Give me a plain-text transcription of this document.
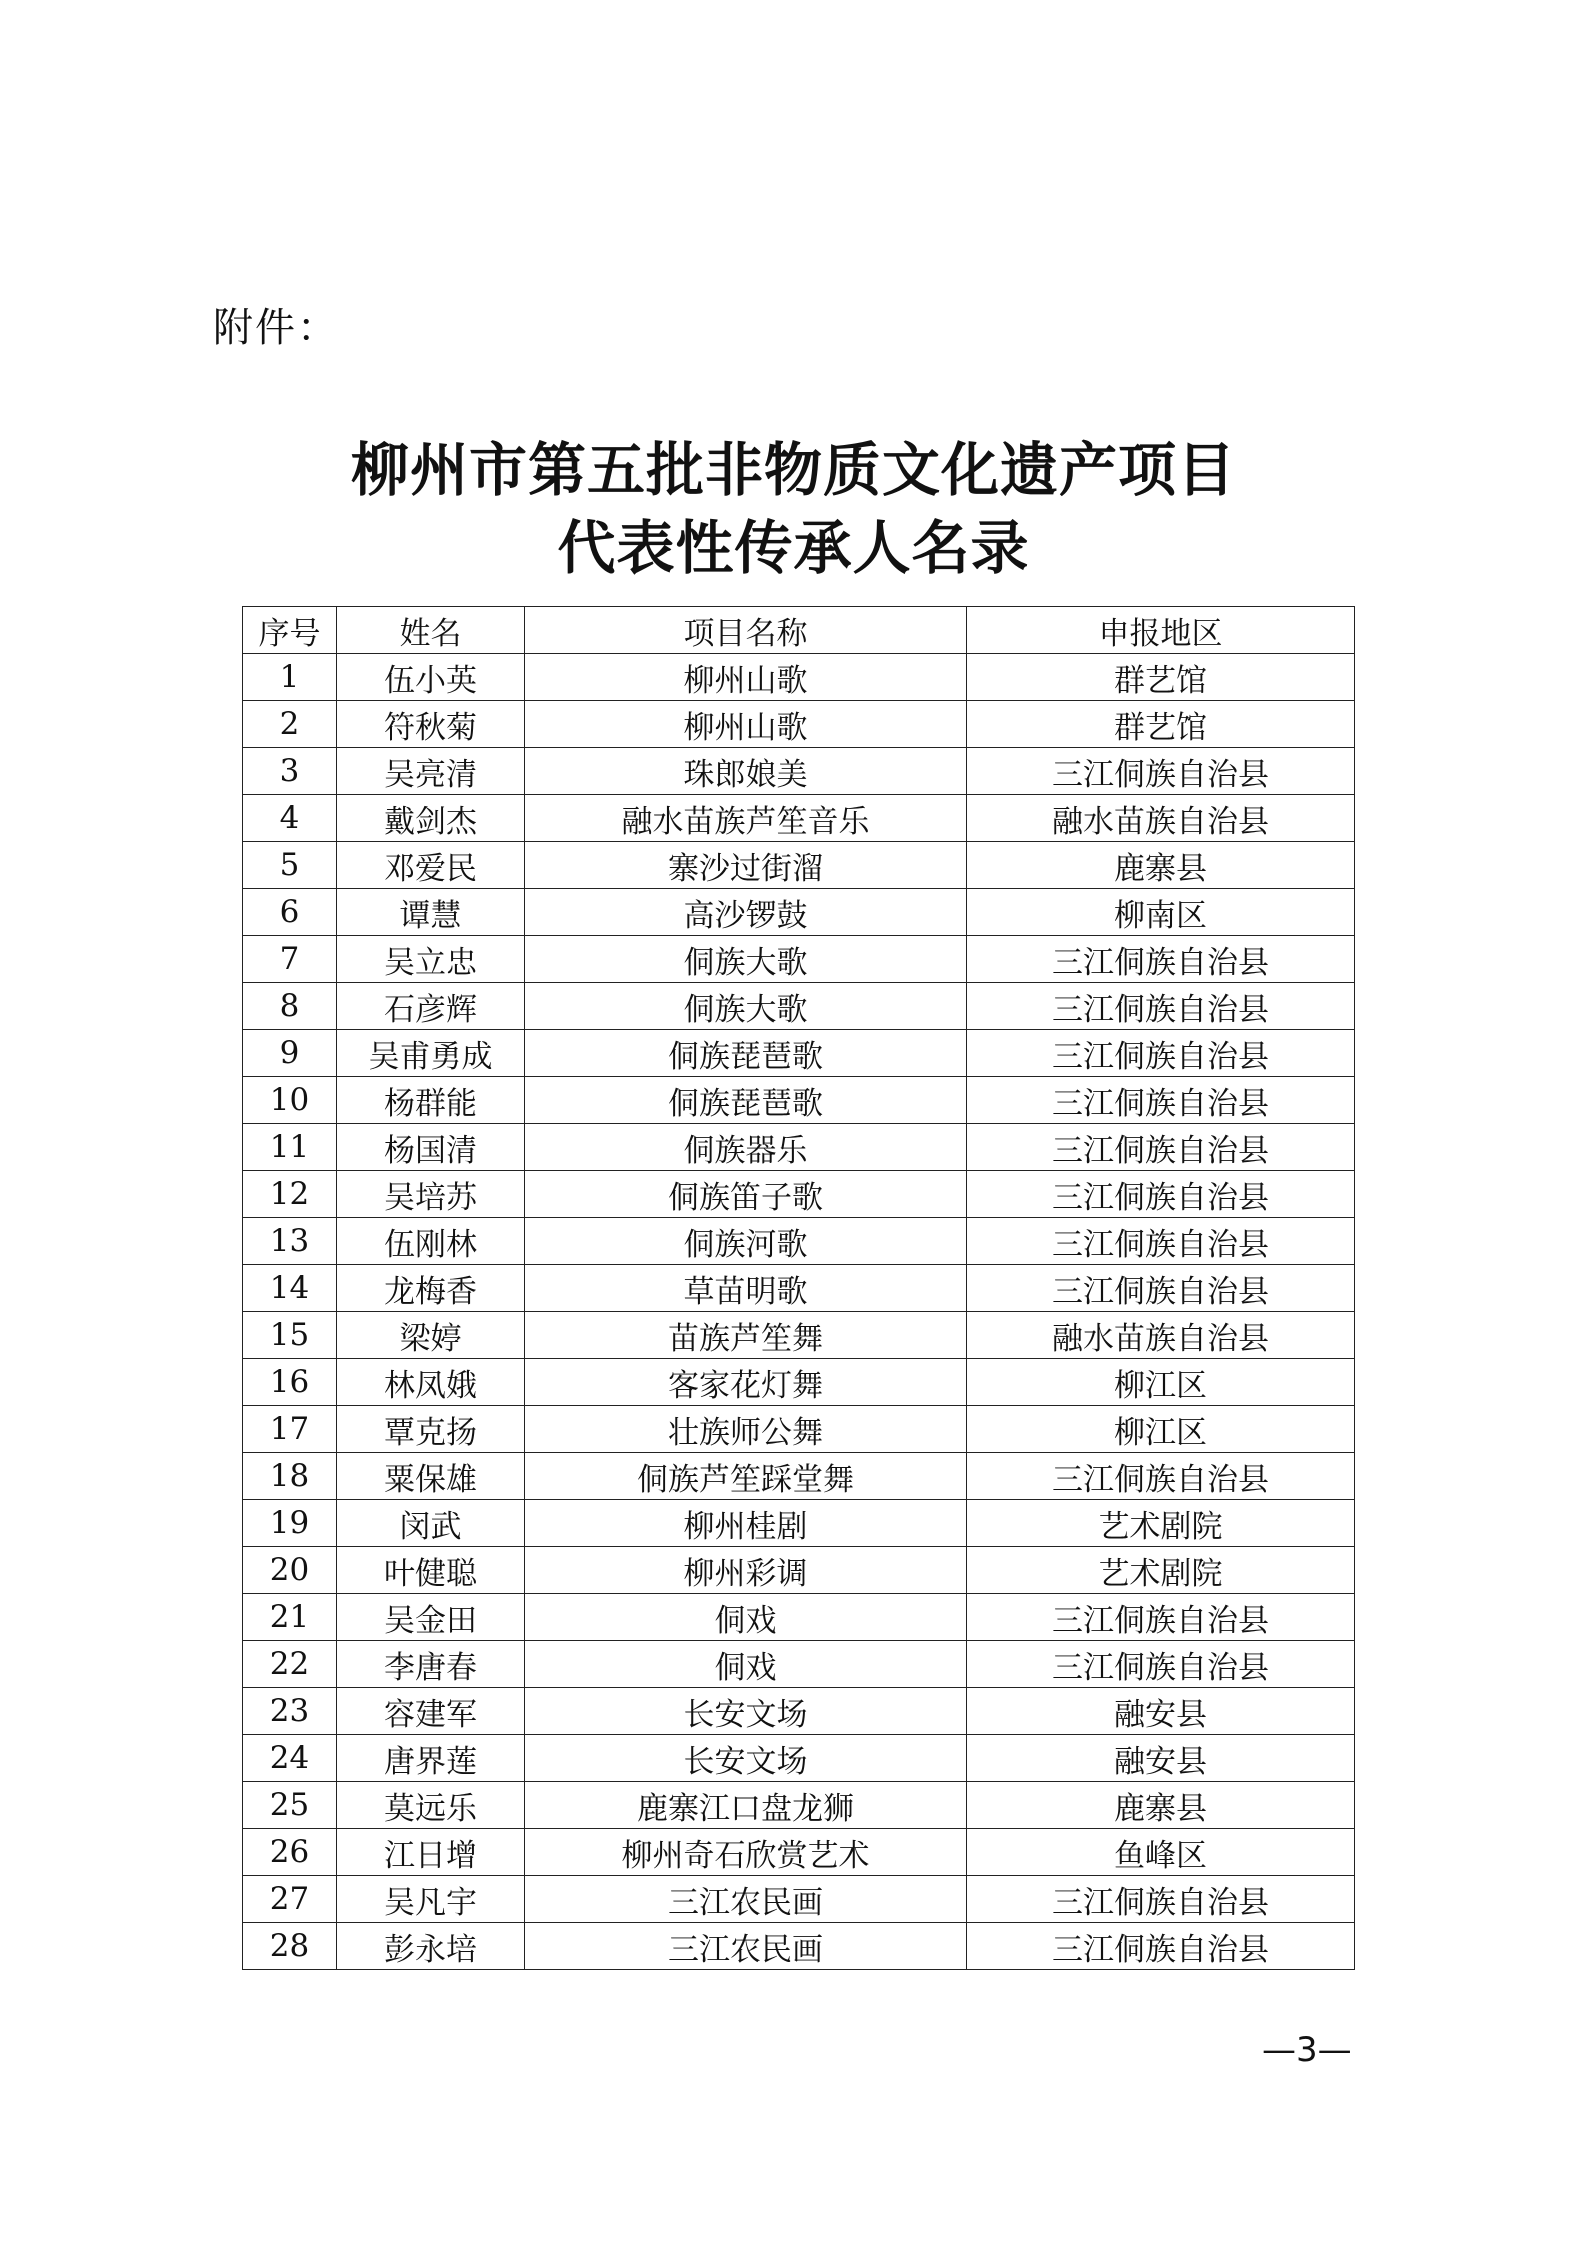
附件：
柳州市第五批非物质文化遗产项目
代表性传承人名录
序号	姓名	项目名称	申报地区
1	伍小英	柳州山歌	群艺馆
2	符秋菊	柳州山歌	群艺馆
3	吴亮清	珠郎娘美	三江侗族自治县
4	戴剑杰	融水苗族芦笙音乐	融水苗族自治县
5	邓爱民	寨沙过街溜	鹿寨县
6	谭慧	高沙锣鼓	柳南区
7	吴立忠	侗族大歌	三江侗族自治县
8	石彦辉	侗族大歌	三江侗族自治县
9	吴甫勇成	侗族琵琶歌	三江侗族自治县
10	杨群能	侗族琵琶歌	三江侗族自治县
11	杨国清	侗族器乐	三江侗族自治县
12	吴培苏	侗族笛子歌	三江侗族自治县
13	伍刚林	侗族河歌	三江侗族自治县
14	龙梅香	草苗明歌	三江侗族自治县
15	梁婷	苗族芦笙舞	融水苗族自治县
16	林凤娥	客家花灯舞	柳江区
17	覃克扬	壮族师公舞	柳江区
18	粟保雄	侗族芦笙踩堂舞	三江侗族自治县
19	闵武	柳州桂剧	艺术剧院
20	叶健聪	柳州彩调	艺术剧院
21	吴金田	侗戏	三江侗族自治县
22	李唐春	侗戏	三江侗族自治县
23	容建军	长安文场	融安县
24	唐界莲	长安文场	融安县
25	莫远乐	鹿寨江口盘龙狮	鹿寨县
26	江日增	柳州奇石欣赏艺术	鱼峰区
27	吴凡宇	三江农民画	三江侗族自治县
28	彭永培	三江农民画	三江侗族自治县
—3—
